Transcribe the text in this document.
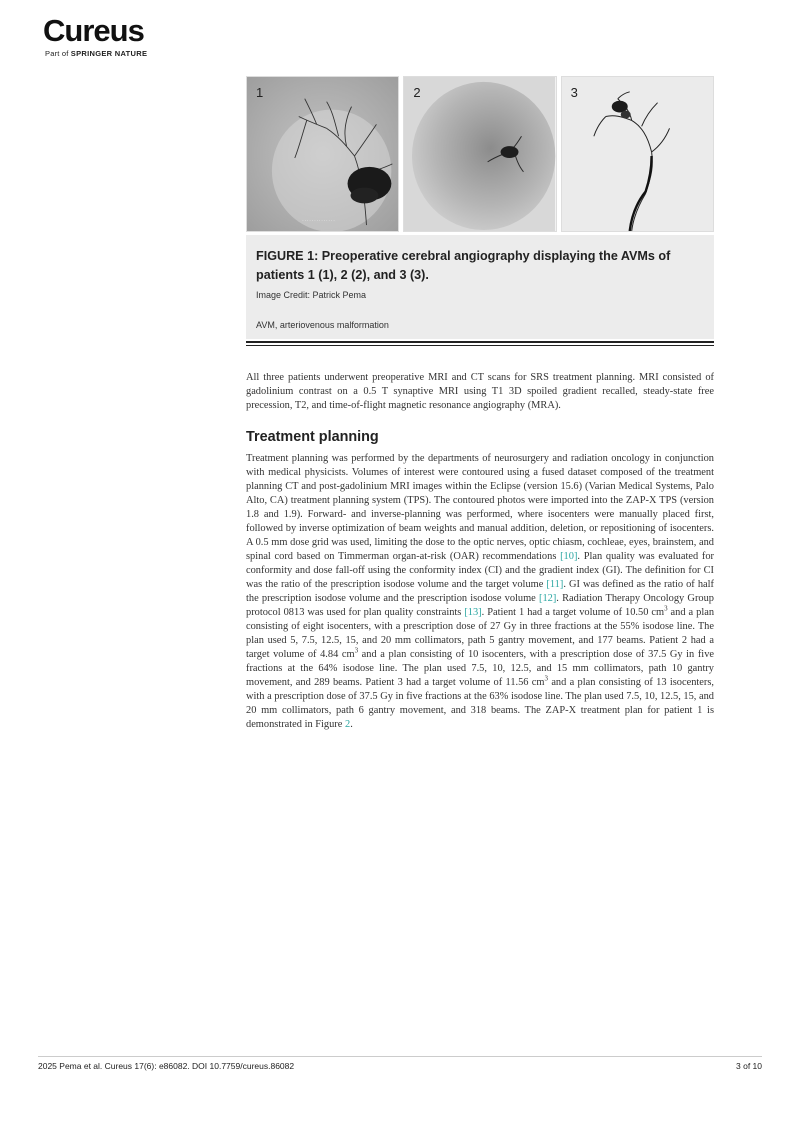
Cureus
Part of SPRINGER NATURE
..............
1	2	3
FIGURE 1: Preoperative cerebral angiography displaying the AVMs of patients 1 (1), 2 (2), and 3 (3).
Image Credit: Patrick Pema
AVM, arteriovenous malformation
All three patients underwent preoperative MRI and CT scans for SRS treatment planning. MRI consisted of gadolinium contrast on a 0.5 T synaptive MRI using T1 3D spoiled gradient recalled, steady-state free precession, T2, and time-of-flight magnetic resonance angiography (MRA).
Treatment planning
Treatment planning was performed by the departments of neurosurgery and radiation oncology in conjunction with medical physicists. Volumes of interest were contoured using a fused dataset composed of the treatment planning CT and post-gadolinium MRI images within the Eclipse (version 15.6) (Varian Medical Systems, Palo Alto, CA) treatment planning system (TPS). The contoured photos were imported into the ZAP-X TPS (version 1.8 and 1.9). Forward- and inverse-planning was performed, where isocenters were manually placed first, followed by inverse optimization of beam weights and manual addition, deletion, or repositioning of isocenters. A 0.5 mm dose grid was used, limiting the dose to the optic nerves, optic chiasm, cochleae, eyes, brainstem, and spinal cord based on Timmerman organ-at-risk (OAR) recommendations [10]. Plan quality was evaluated for conformity and dose fall-off using the conformity index (CI) and the gradient index (GI). The definition for CI was the ratio of the prescription isodose volume and the target volume [11]. GI was defined as the ratio of half the prescription isodose volume and the prescription isodose volume [12]. Radiation Therapy Oncology Group protocol 0813 was used for plan quality constraints [13]. Patient 1 had a target volume of 10.50 $cm^3$ and a plan consisting of eight isocenters, with a prescription dose of 27 Gy in three fractions at the 55% isodose line. The plan used 5, 7.5, 12.5, 15, and 20 mm collimators, path 5 gantry movement, and 177 beams. Patient 2 had a target volume of 4.84 $cm^3$ and a plan consisting of 10 isocenters, with a prescription dose of 37.5 Gy in five fractions at the 64% isodose line. The plan used 7.5, 10, 12.5, and 15 mm collimators, path 10 gantry movement, and 289 beams. Patient 3 had a target volume of 11.56 $cm^3$ and a plan consisting of 13 isocenters, with a prescription dose of 37.5 Gy in five fractions at the 63% isodose line. The plan used 7.5, 10, 12.5, 15, and 20 mm collimators, path 6 gantry movement, and 318 beams. The ZAP-X treatment plan for patient 1 is demonstrated in Figure 2.
2025 Pema et al. Cureus 17(6): e86082. DOI 10.7759/cureus.86082	3 of 10
